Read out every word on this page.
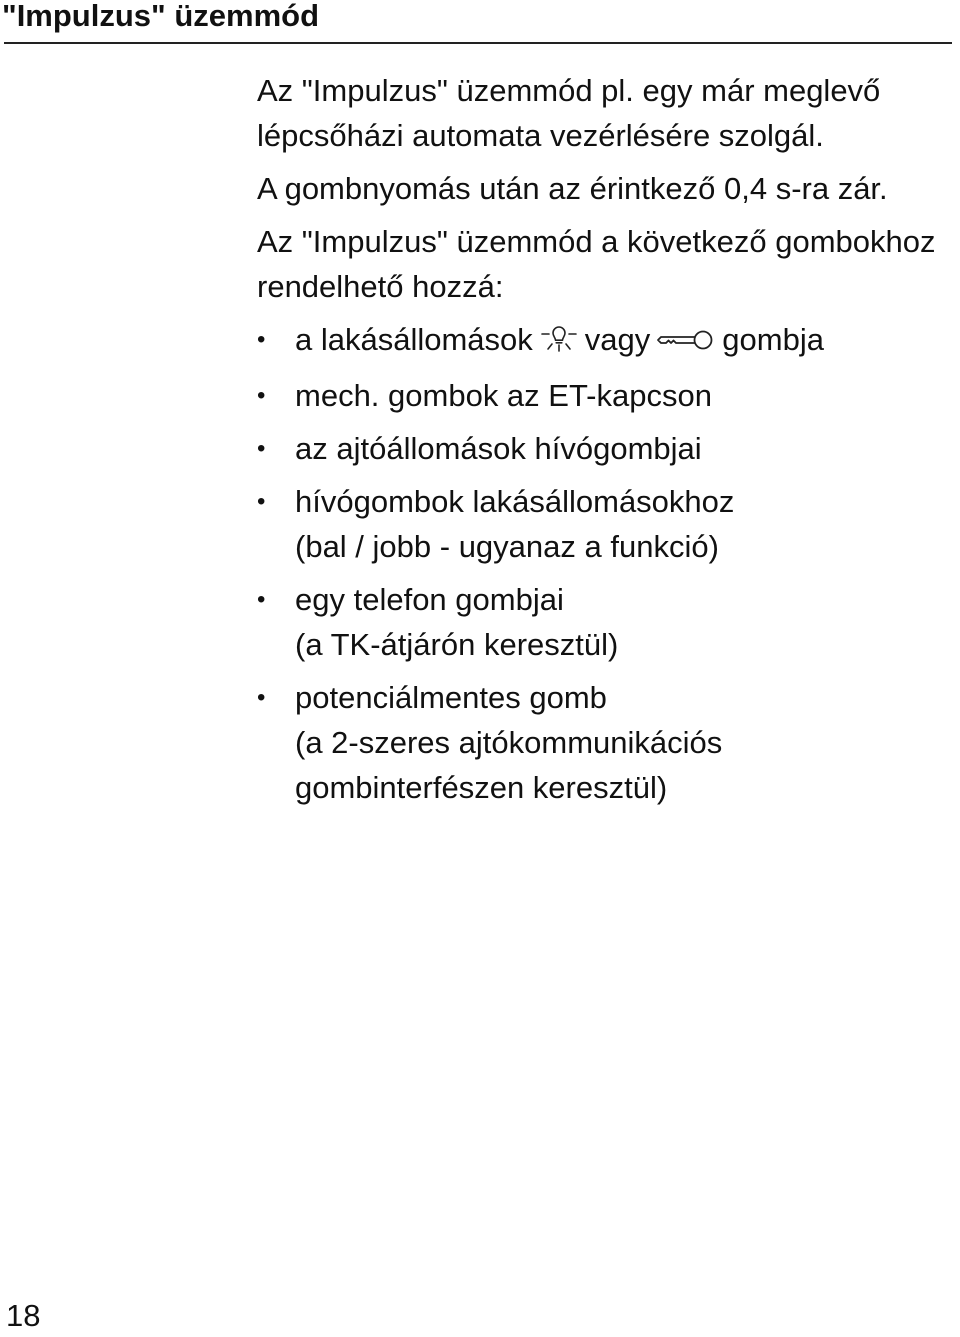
"Impulzus" üzemmód

Az "Impulzus" üzemmód pl. egy már meglevő lépcsőházi automata vezérlésére szolgál.

A gombnyomás után az érintkező 0,4 s-ra zár.

Az "Impulzus" üzemmód a következő gombokhoz rendelhető hozzá:

• a lakásállomások vagy gombja
• mech. gombok az ET-kapcson
• az ajtóállomások hívógombjai
• hívógombok lakásállomásokhoz
(bal / jobb - ugyanaz a funkció)
• egy telefon gombjai
(a TK-átjárón keresztül)
• potenciálmentes gomb
(a 2-szeres ajtókommunikációs
gombinterfészen keresztül)
18
